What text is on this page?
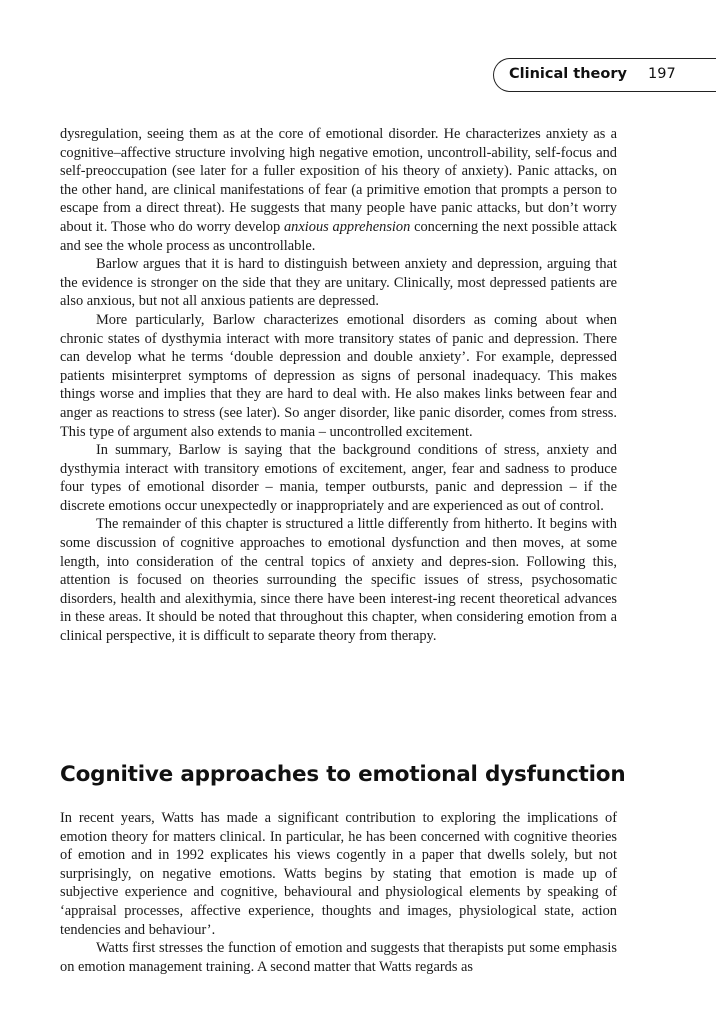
Clinical theory 197

dysregulation, seeing them as at the core of emotional disorder. He characterizes anxiety as a cognitive–affective structure involving high negative emotion, uncontroll-ability, self-focus and self-preoccupation (see later for a fuller exposition of his theory of anxiety). Panic attacks, on the other hand, are clinical manifestations of fear (a primitive emotion that prompts a person to escape from a direct threat). He suggests that many people have panic attacks, but don’t worry about it. Those who do worry develop anxious apprehension concerning the next possible attack and see the whole process as uncontrollable.

Barlow argues that it is hard to distinguish between anxiety and depression, arguing that the evidence is stronger on the side that they are unitary. Clinically, most depressed patients are also anxious, but not all anxious patients are depressed.

More particularly, Barlow characterizes emotional disorders as coming about when chronic states of dysthymia interact with more transitory states of panic and depression. There can develop what he terms ‘double depression and double anxiety’. For example, depressed patients misinterpret symptoms of depression as signs of personal inadequacy. This makes things worse and implies that they are hard to deal with. He also makes links between fear and anger as reactions to stress (see later). So anger disorder, like panic disorder, comes from stress. This type of argument also extends to mania – uncontrolled excitement.

In summary, Barlow is saying that the background conditions of stress, anxiety and dysthymia interact with transitory emotions of excitement, anger, fear and sadness to produce four types of emotional disorder – mania, temper outbursts, panic and depression – if the discrete emotions occur unexpectedly or inappropriately and are experienced as out of control.

The remainder of this chapter is structured a little differently from hitherto. It begins with some discussion of cognitive approaches to emotional dysfunction and then moves, at some length, into consideration of the central topics of anxiety and depres-sion. Following this, attention is focused on theories surrounding the specific issues of stress, psychosomatic disorders, health and alexithymia, since there have been interest-ing recent theoretical advances in these areas. It should be noted that throughout this chapter, when considering emotion from a clinical perspective, it is difficult to separate theory from therapy.

Cognitive approaches to emotional dysfunction

In recent years, Watts has made a significant contribution to exploring the implications of emotion theory for matters clinical. In particular, he has been concerned with cognitive theories of emotion and in 1992 explicates his views cogently in a paper that dwells solely, but not surprisingly, on negative emotions. Watts begins by stating that emotion is made up of subjective experience and cognitive, behavioural and physiological elements by speaking of ‘appraisal processes, affective experience, thoughts and images, physiological state, action tendencies and behaviour’.

Watts first stresses the function of emotion and suggests that therapists put some emphasis on emotion management training. A second matter that Watts regards as
